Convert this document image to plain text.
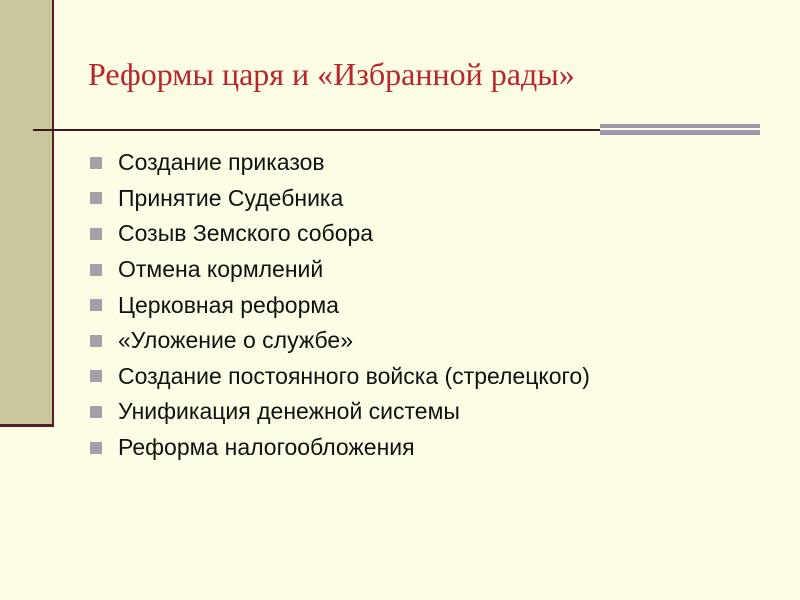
Реформы царя и «Избранной рады»
Создание приказов
Принятие Судебника
Созыв Земского собора
Отмена кормлений
Церковная реформа
«Уложение о службе»
Создание постоянного войска (стрелецкого)
Унификация денежной системы
Реформа налогообложения
